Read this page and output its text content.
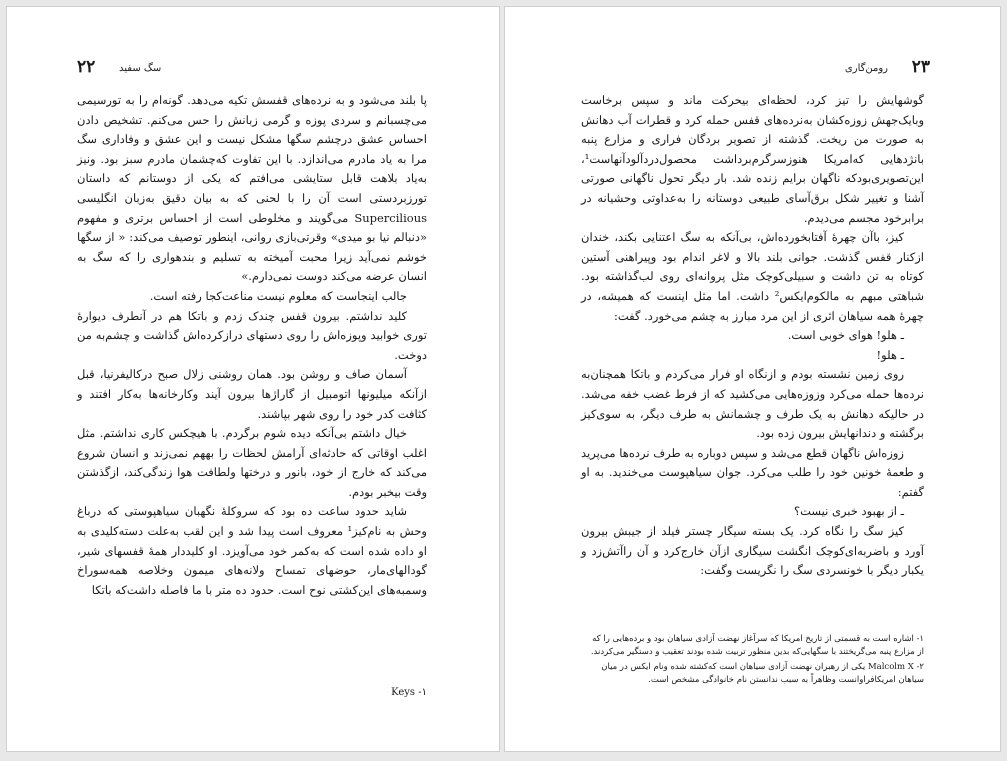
۲۲ سگ سفید

پا بلند می‌شود و به نرده‌های قفسش تکیه می‌دهد. گونه‌ام را به تورسیمی می‌چسبانم و سردی پوزه و گرمی زبانش را حس می‌کنم. تشخیص دادن احساس عشق درچشم سگها مشکل نیست و این عشق و وفاداری سگ مرا به یاد مادرم می‌اندازد. با این تفاوت که‌چشمان مادرم سبز بود. ونیز به‌یاد بلاهت قابل ستایشی می‌افتم که یکی از دوستانم که داستان تورزبردستی است آن را با لحنی که به بیان دقیق به‌زبان انگلیسی Supercilious می‌گویند و مخلوطی است از احساس برتری و مفهوم «دنبالم نیا بو میدی» وقرتی‌بازی روانی، اینطور توصیف می‌کند: « از سگها خوشم نمی‌آید زیرا محبت آمیخته به تسلیم و بندهواری را که سگ به انسان عرضه می‌کند دوست نمی‌دارم.»

جالب اینجاست که معلوم نیست مناعت‌کجا رفته است.

کلید نداشتم. بیرون قفس چندک زدم و باتکا هم در آنطرف دیوارهٔ توری خوابید وپوزه‌اش را روی دستهای درازکرده‌اش گذاشت و چشم‌به من دوخت.

آسمان صاف و روشن بود. همان روشنی زلال صبح درکالیفرنیا، قبل ازآنکه میلیونها اتومبیل از گاراژها بیرون آیند وکارخانه‌ها به‌کار افتند و کثافت کدر خود را روی شهر بپاشند.

خیال داشتم بی‌آنکه دیده شوم برگردم. با هیچکس کاری نداشتم. مثل اغلب اوقاتی که حادثه‌ای آرامش لحظات را بههم نمی‌زند و انسان شروع می‌کند که خارج از خود، بانور و درختها ولطافت هوا زندگی‌کند، ازگذشتن وقت بیخبر بودم.

شاید حدود ساعت ده بود که سروکلهٔ نگهبان سیاهپوستی که درباغ وحش به نام‌کیز¹ معروف است پیدا شد و این لقب به‌علت دسته‌کلیدی به او داده شده است که به‌کمر خود می‌آویزد. او کلیددار همهٔ قفسهای شیر، گودالهای‌مار، حوضهای تمساح ولانه‌های میمون وخلاصه همه‌سوراخ وسمبه‌های این‌کشتی نوح است. حدود ده متر با ما فاصله داشت‌که باتکا

۱- Keys

۲۳
رومن‌گاری

گوشهایش را تیز کرد، لحظه‌ای بیحرکت ماند و سپس برخاست وبایک‌جهش زوزه‌کشان به‌نرده‌های قفس حمله کرد و قطرات آب دهانش به صورت من ریخت. گذشته از تصویر بردگان فراری و مزارع پنبه بانژدهایی که‌امریکا هنوزسرگرم‌برداشت محصول‌دردآلود‌آنهاست¹، این‌تصویری‌بودکه ناگهان برایم زنده شد. بار دیگر تحول ناگهانی صورتی آشنا و تغییر شکل برق‌آسای طبیعی دوستانه را به‌عداوتی وحشیانه در برابرخود مجسم می‌دیدم.

کیز، باآن چهرهٔ آفتابخورده‌اش، بی‌آنکه به سگ اعتنایی بکند، خندان ازکنار قفس گذشت. جوانی بلند بالا و لاغر اندام بود وپیراهنی آستین کوتاه به تن داشت و سبیلی‌کوچک مثل پروانه‌ای روی لب‌گذاشته بود. شباهتی مبهم به مالکوم‌ایکس² داشت. اما مثل اینست که همیشه، در چهرهٔ همه سیاهان اثری از این مرد مبارز به چشم می‌خورد. گفت:

ـ هلو! هوای خوبی است.

ـ هلو!

روی زمین نشسته بودم و ازنگاه او فرار می‌کردم و باتکا همچنان‌به نرده‌ها حمله می‌کرد وزوزه‌هایی می‌کشید که از فرط غضب خفه می‌شد. در حالیکه دهانش به یک طرف و چشمانش به طرف دیگر، به سوی‌کیز برگشته و دندانهایش بیرون زده بود.

زوزه‌اش ناگهان قطع می‌شد و سپس دوباره به طرف نرده‌ها می‌پرید و طعمهٔ خونین خود را طلب می‌کرد. جوان سیاهپوست می‌خندید. به او گفتم:

ـ از بهبود خبری نیست؟

کیز سگ را نگاه کرد. یک بسته سیگار چستر فیلد از جیبش بیرون آورد و باضربه‌ای‌کوچک انگشت سیگاری ازآن خارج‌کرد و آن راآتش‌زد و یکبار دیگر با خونسردی سگ را نگریست وگفت:

۱- اشاره است به قسمتی از تاریخ امریکا که سرآغاز نهضت آزادی سیاهان بود و برده‌هایی را که از مزارع پنبه می‌گریختند با سگهایی‌که بدین منظور تربیت شده بودند تعقیب و دستگیر می‌کردند.

۲- Malcolm X یکی از رهبران نهضت آزادی سیاهان است که‌کشته شده ونام ایکس در میان سیاهان امریکافراوانست وظاهراً به سبب ندانستن نام خانوادگی مشخص است.
